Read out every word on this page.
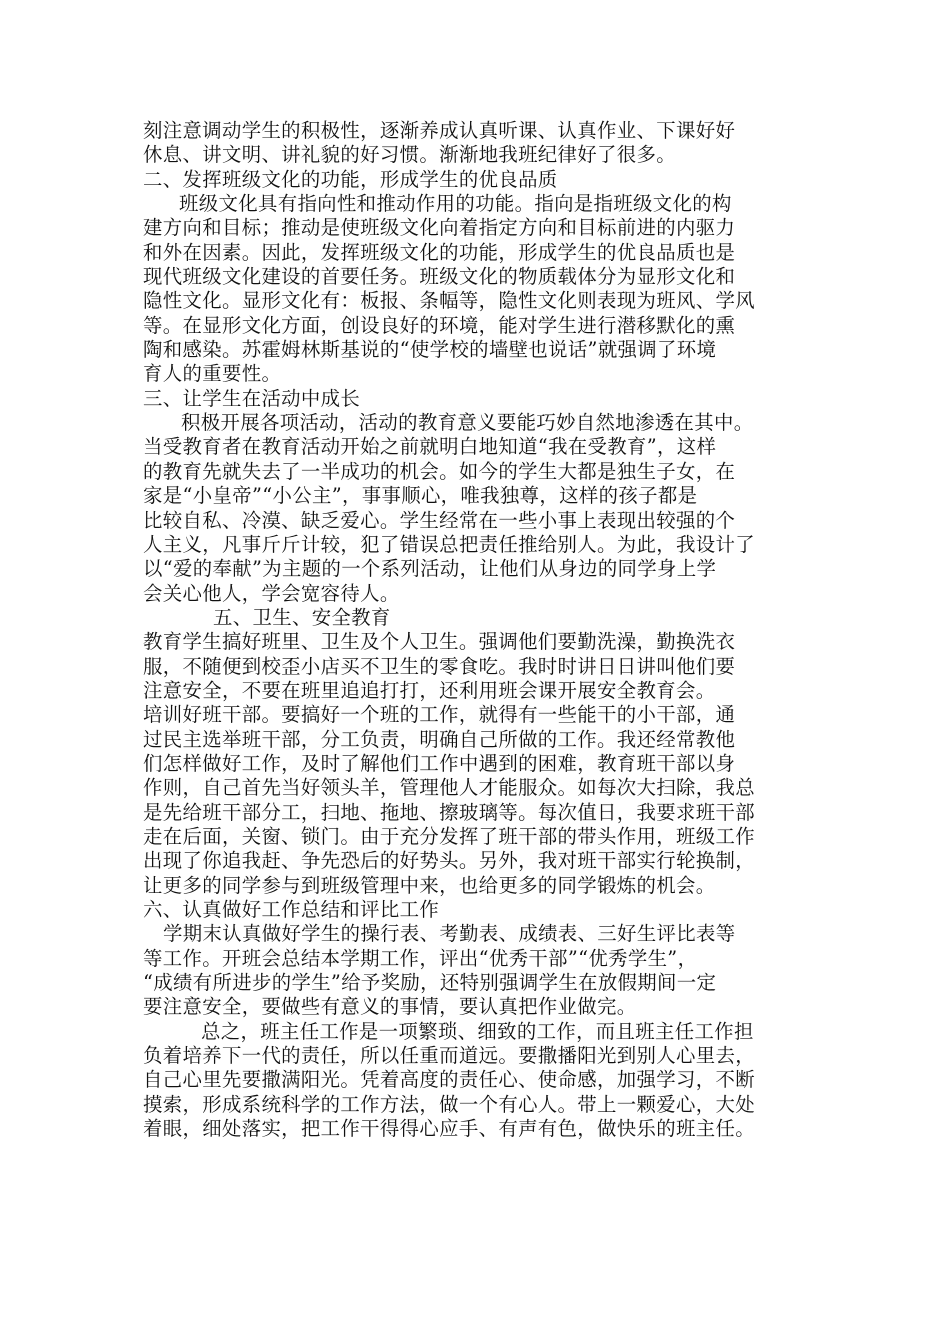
刻注意调动学生的积极性，逐渐养成认真听课、认真作业、下课好好
休息、讲文明、讲礼貌的好习惯。渐渐地我班纪律好了很多。
二、发挥班级文化的功能，形成学生的优良品质
班级文化具有指向性和推动作用的功能。指向是指班级文化的构
建方向和目标；推动是使班级文化向着指定方向和目标前进的内驱力
和外在因素。因此，发挥班级文化的功能，形成学生的优良品质也是
现代班级文化建设的首要任务。班级文化的物质载体分为显形文化和
隐性文化。显形文化有：板报、条幅等，隐性文化则表现为班风、学风
等。在显形文化方面，创设良好的环境，能对学生进行潜移默化的熏
陶和感染。苏霍姆林斯基说的“使学校的墙壁也说话”就强调了环境
育人的重要性。
三、让学生在活动中成长
积极开展各项活动，活动的教育意义要能巧妙自然地渗透在其中。
当受教育者在教育活动开始之前就明白地知道“我在受教育”，这样
的教育先就失去了一半成功的机会。如今的学生大都是独生子女，在
家是“小皇帝”“小公主”，事事顺心，唯我独尊，这样的孩子都是
比较自私、冷漠、缺乏爱心。学生经常在一些小事上表现出较强的个
人主义，凡事斤斤计较，犯了错误总把责任推给别人。为此，我设计了
以“爱的奉献”为主题的一个系列活动，让他们从身边的同学身上学
会关心他人，学会宽容待人。
五、卫生、安全教育
教育学生搞好班里、卫生及个人卫生。强调他们要勤洗澡，勤换洗衣
服，不随便到校歪小店买不卫生的零食吃。我时时讲日日讲叫他们要
注意安全，不要在班里追追打打，还利用班会课开展安全教育会。
培训好班干部。要搞好一个班的工作，就得有一些能干的小干部，通
过民主选举班干部，分工负责，明确自己所做的工作。我还经常教他
们怎样做好工作，及时了解他们工作中遇到的困难，教育班干部以身
作则，自己首先当好领头羊，管理他人才能服众。如每次大扫除，我总
是先给班干部分工，扫地、拖地、擦玻璃等。每次值日，我要求班干部
走在后面，关窗、锁门。由于充分发挥了班干部的带头作用，班级工作
出现了你追我赶、争先恐后的好势头。另外，我对班干部实行轮换制，
让更多的同学参与到班级管理中来，也给更多的同学锻炼的机会。
六、认真做好工作总结和评比工作
学期末认真做好学生的操行表、考勤表、成绩表、三好生评比表等
等工作。开班会总结本学期工作，评出“优秀干部”“优秀学生”，
“成绩有所进步的学生”给予奖励，还特别强调学生在放假期间一定
要注意安全，要做些有意义的事情，要认真把作业做完。
总之，班主任工作是一项繁琐、细致的工作，而且班主任工作担
负着培养下一代的责任，所以任重而道远。要撒播阳光到别人心里去，
自己心里先要撒满阳光。凭着高度的责任心、使命感，加强学习，不断
摸索，形成系统科学的工作方法，做一个有心人。带上一颗爱心，大处
着眼，细处落实，把工作干得得心应手、有声有色，做快乐的班主任。
